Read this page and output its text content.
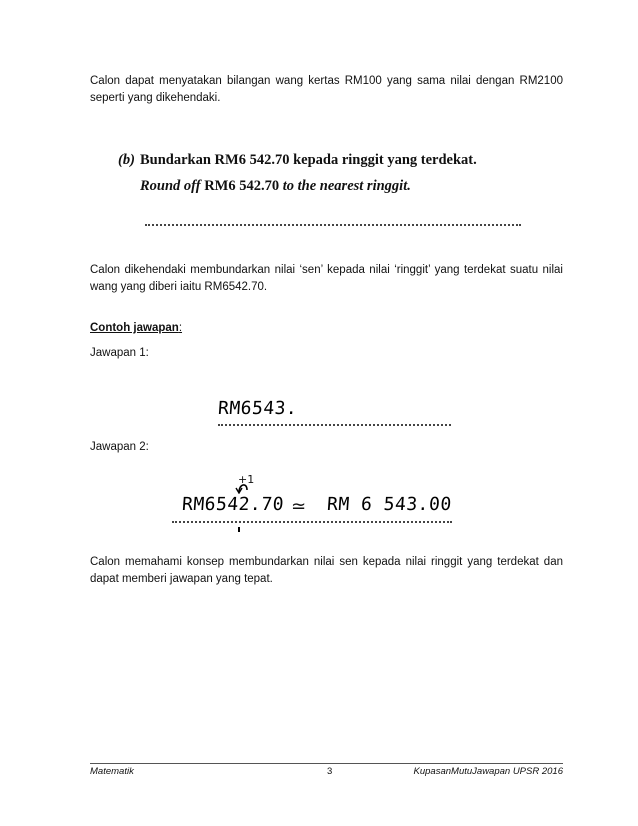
Calon dapat menyatakan bilangan wang kertas RM100 yang sama nilai dengan RM2100 seperti yang dikehendaki.

(b) Bundarkan RM6 542.70 kepada ringgit yang terdekat.
Round off RM6 542.70 to the nearest ringgit.

Calon dikehendaki membundarkan nilai ‘sen’ kepada nilai ‘ringgit’ yang terdekat suatu nilai wang yang diberi iaitu RM6542.70.

Contoh jawapan:

Jawapan 1:

RM6543.

Jawapan 2:

+1
RM6542.70 ≃ RM 6 543.00

Calon memahami konsep membundarkan nilai sen kepada nilai ringgit yang terdekat dan dapat memberi jawapan yang tepat.

Matematik	3	KupasanMutuJawapan UPSR 2016
